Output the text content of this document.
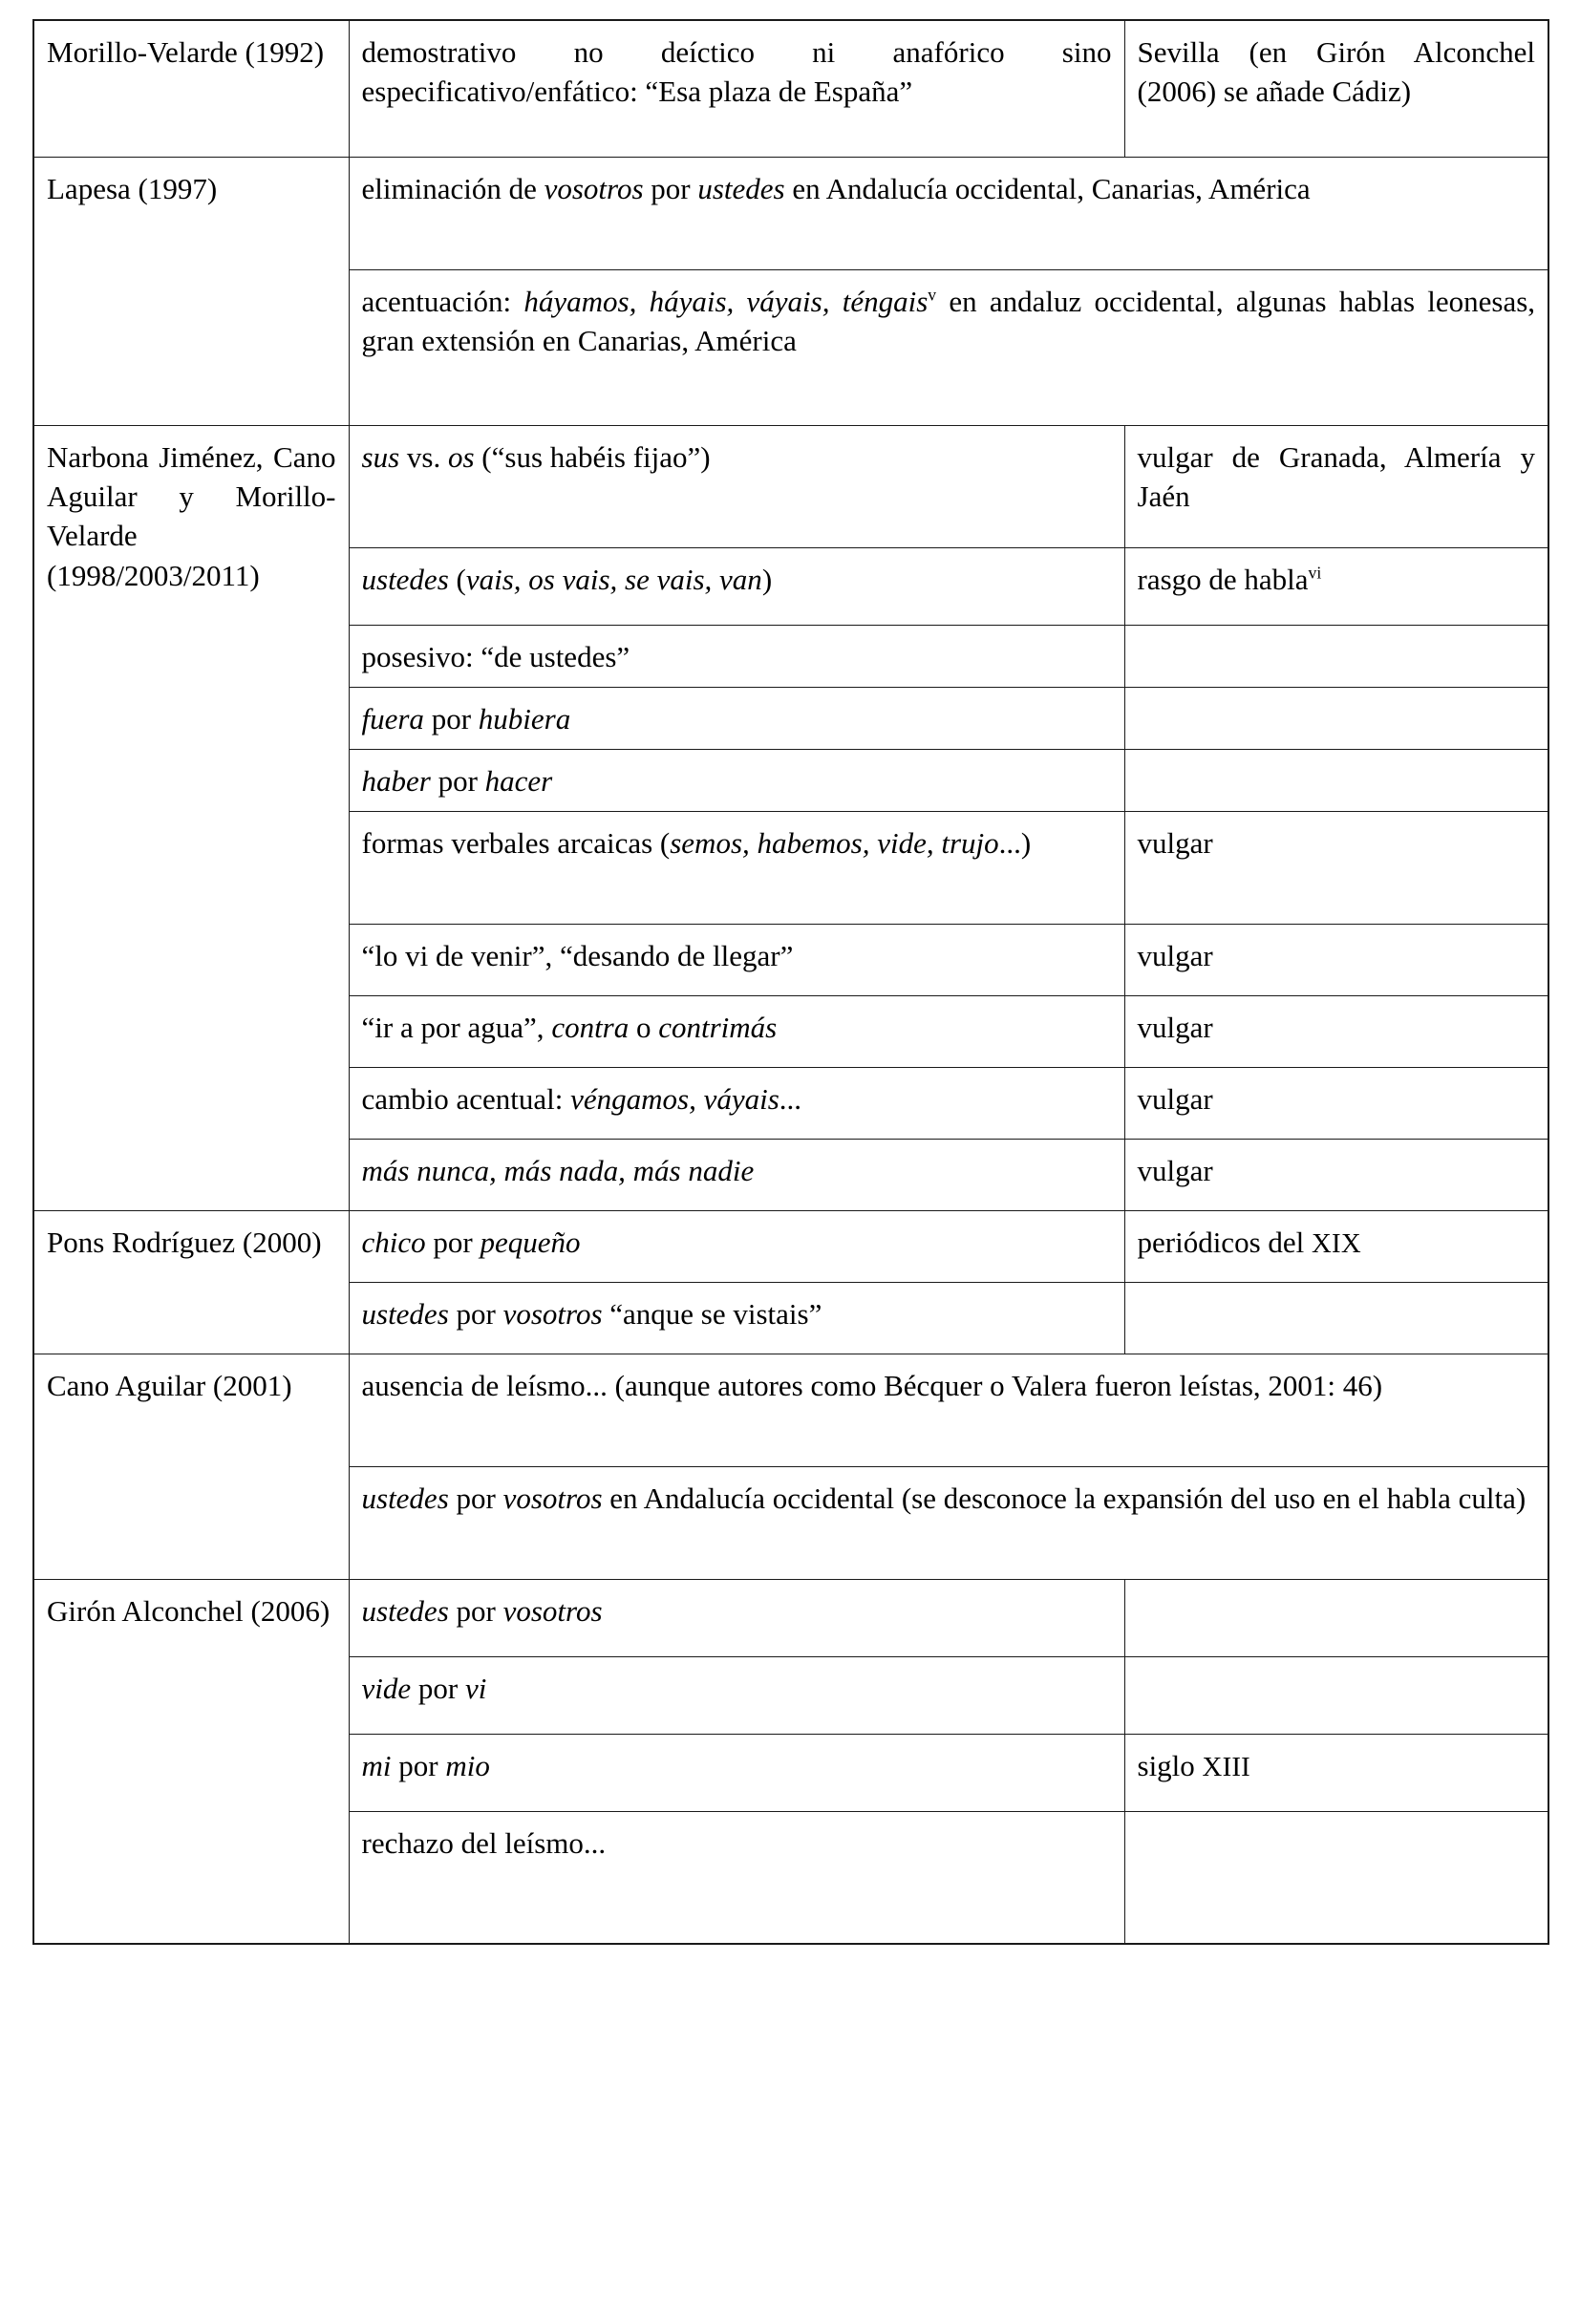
Morillo-Velarde (1992)	demostrativo no deíctico ni anafórico sino especificativo/enfático: “Esa plaza de España”	Sevilla (en Girón Alconchel (2006) se añade Cádiz)
Lapesa (1997)	eliminación de vosotros por ustedes en Andalucía occidental, Canarias, América	
	acentuación: háyamos, háyais, váyais, téngais$^v$ en andaluz occidental, algunas hablas leonesas, gran extensión en Canarias, América	
Narbona Jiménez, Cano Aguilar y Morillo-Velarde (1998/2003/2011)	sus vs. os (“sus habéis fijao”)	vulgar de Granada, Almería y Jaén
	ustedes (vais, os vais, se vais, van)	rasgo de habla$^{vi}$
	posesivo: “de ustedes”	
	fuera por hubiera	
	haber por hacer	
	formas verbales arcaicas (semos, habemos, vide, trujo...)	vulgar
	“lo vi de venir”, “desando de llegar”	vulgar
	“ir a por agua”, contra o contrimás	vulgar
	cambio acentual: véngamos, váyais...	vulgar
	más nunca, más nada, más nadie	vulgar
Pons Rodríguez (2000)	chico por pequeño	periódicos del XIX
	ustedes por vosotros “anque se vistais”	
Cano Aguilar (2001)	ausencia de leísmo... (aunque autores como Bécquer o Valera fueron leístas, 2001: 46)	
	ustedes por vosotros en Andalucía occidental (se desconoce la expansión del uso en el habla culta)	
Girón Alconchel (2006)	ustedes por vosotros	
	vide por vi	
	mi por mio	siglo XIII
	rechazo del leísmo...	
